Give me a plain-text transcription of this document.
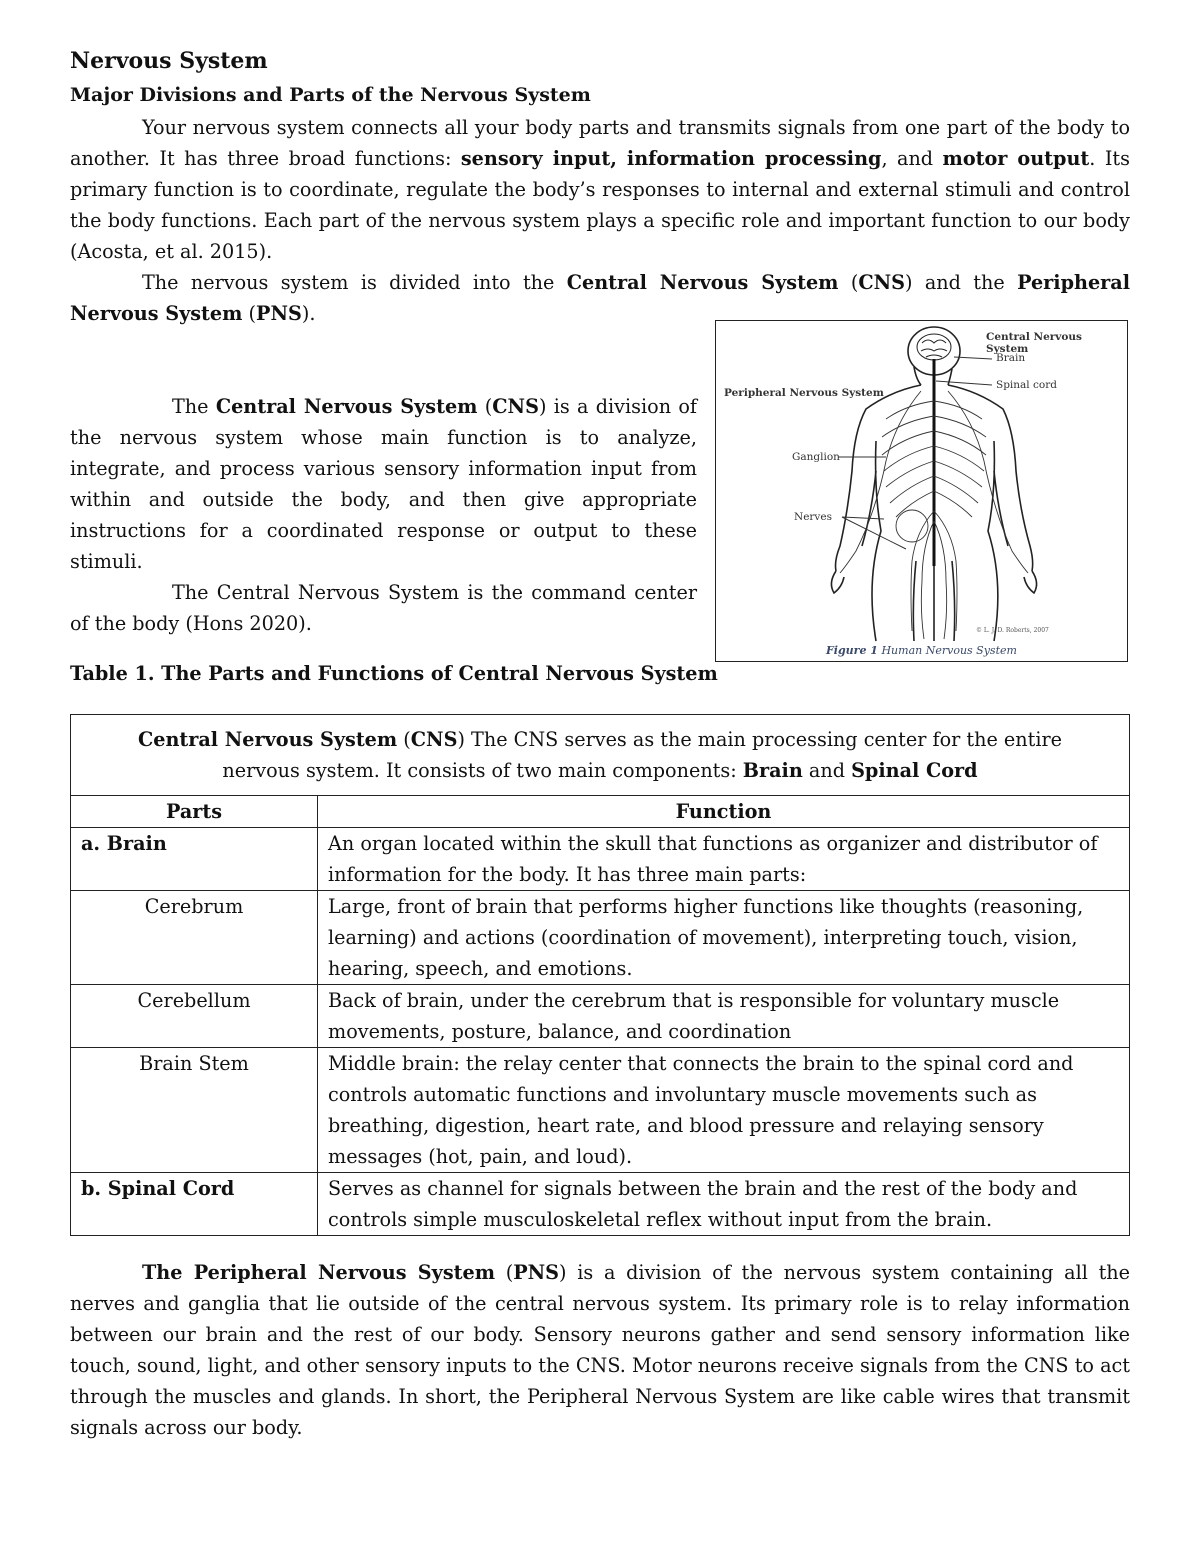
Nervous System
Major Divisions and Parts of the Nervous System
Your nervous system connects all your body parts and transmits signals from one part of the body to another. It has three broad functions: sensory input, information processing, and motor output. Its primary function is to coordinate, regulate the body’s responses to internal and external stimuli and control the body functions. Each part of the nervous system plays a specific role and important function to our body (Acosta, et al. 2015).
The nervous system is divided into the Central Nervous System (CNS) and the Peripheral Nervous System (PNS).
The Central Nervous System (CNS) is a division of the nervous system whose main function is to analyze, integrate, and process various sensory information input from within and outside the body, and then give appropriate instructions for a coordinated response or output to these stimuli.
The Central Nervous System is the command center of the body (Hons 2020).
Central Nervous System
Brain
Spinal cord
Peripheral Nervous System
Ganglion
Nerves
© L. J. D. Roberts, 2007
Figure 1 Human Nervous System
Table 1. The Parts and Functions of Central Nervous System
Central Nervous System (CNS) The CNS serves as the main processing center for the entire nervous system. It consists of two main components: Brain and Spinal Cord	
Parts	Function
a. Brain	An organ located within the skull that functions as organizer and distributor of information for the body. It has three main parts:
Cerebrum	Large, front of brain that performs higher functions like thoughts (reasoning, learning) and actions (coordination of movement), interpreting touch, vision, hearing, speech, and emotions.
Cerebellum	Back of brain, under the cerebrum that is responsible for voluntary muscle movements, posture, balance, and coordination
Brain Stem	Middle brain: the relay center that connects the brain to the spinal cord and controls automatic functions and involuntary muscle movements such as breathing, digestion, heart rate, and blood pressure and relaying sensory messages (hot, pain, and loud).
b. Spinal Cord	Serves as channel for signals between the brain and the rest of the body and controls simple musculoskeletal reflex without input from the brain.
The Peripheral Nervous System (PNS) is a division of the nervous system containing all the nerves and ganglia that lie outside of the central nervous system. Its primary role is to relay information between our brain and the rest of our body. Sensory neurons gather and send sensory information like touch, sound, light, and other sensory inputs to the CNS. Motor neurons receive signals from the CNS to act through the muscles and glands. In short, the Peripheral Nervous System are like cable wires that transmit signals across our body.
